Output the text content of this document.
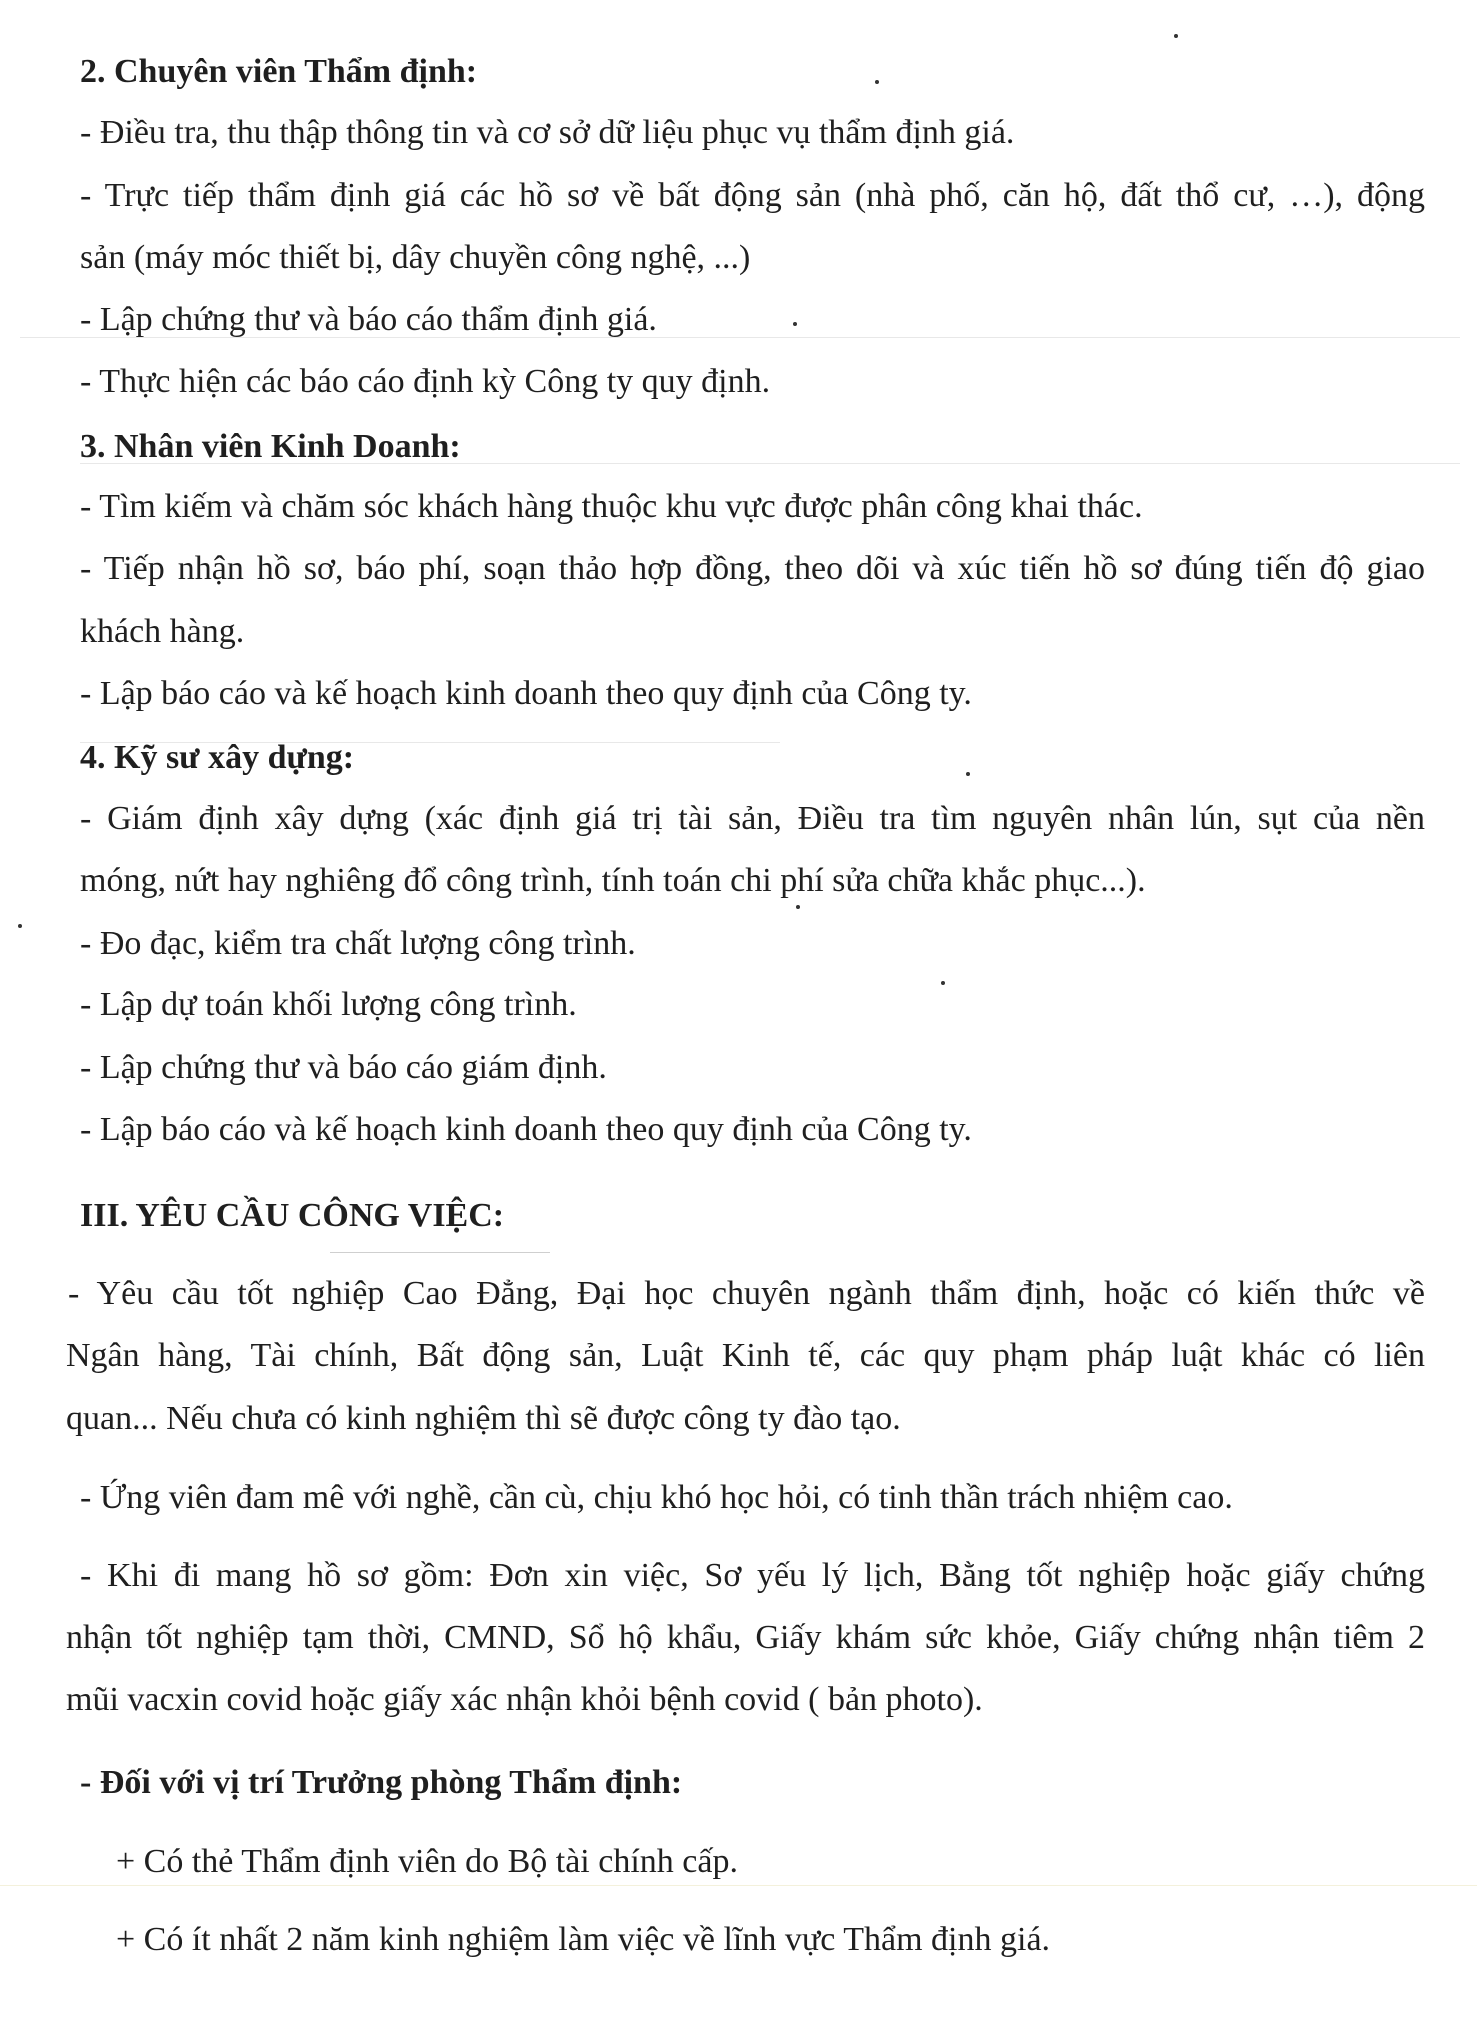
2. Chuyên viên Thẩm định:
- Điều tra, thu thập thông tin và cơ sở dữ liệu phục vụ thẩm định giá.
- Trực tiếp thẩm định giá các hồ sơ về bất động sản (nhà phố, căn hộ, đất thổ cư, …), động
sản (máy móc thiết bị, dây chuyền công nghệ, ...)
- Lập chứng thư và báo cáo thẩm định giá.
- Thực hiện các báo cáo định kỳ Công ty quy định.
3. Nhân viên Kinh Doanh:
- Tìm kiếm và chăm sóc khách hàng thuộc khu vực được phân công khai thác.
- Tiếp nhận hồ sơ, báo phí, soạn thảo hợp đồng, theo dõi và xúc tiến hồ sơ đúng tiến độ giao
khách hàng.
- Lập báo cáo và kế hoạch kinh doanh theo quy định của Công ty.
4. Kỹ sư xây dựng:
- Giám định xây dựng (xác định giá trị tài sản, Điều tra tìm nguyên nhân lún, sụt của nền
móng, nứt hay nghiêng đổ công trình, tính toán chi phí sửa chữa khắc phục...).
- Đo đạc, kiểm tra chất lượng công trình.
- Lập dự toán khối lượng công trình.
- Lập chứng thư và báo cáo giám định.
- Lập báo cáo và kế hoạch kinh doanh theo quy định của Công ty.
III. YÊU CẦU CÔNG VIỆC:
- Yêu cầu tốt nghiệp Cao Đẳng, Đại học chuyên ngành thẩm định, hoặc có kiến thức về
Ngân hàng, Tài chính, Bất động sản, Luật Kinh tế, các quy phạm pháp luật khác có liên
quan... Nếu chưa có kinh nghiệm thì sẽ được công ty đào tạo.
- Ứng viên đam mê với nghề, cần cù, chịu khó học hỏi, có tinh thần trách nhiệm cao.
- Khi đi mang hồ sơ gồm: Đơn xin việc, Sơ yếu lý lịch, Bằng tốt nghiệp hoặc giấy chứng
nhận tốt nghiệp tạm thời, CMND, Sổ hộ khẩu, Giấy khám sức khỏe, Giấy chứng nhận tiêm 2
mũi vacxin covid hoặc giấy xác nhận khỏi bệnh covid ( bản photo).
- Đối với vị trí Trưởng phòng Thẩm định:
+ Có thẻ Thẩm định viên do Bộ tài chính cấp.
+ Có ít nhất 2 năm kinh nghiệm làm việc về lĩnh vực Thẩm định giá.
